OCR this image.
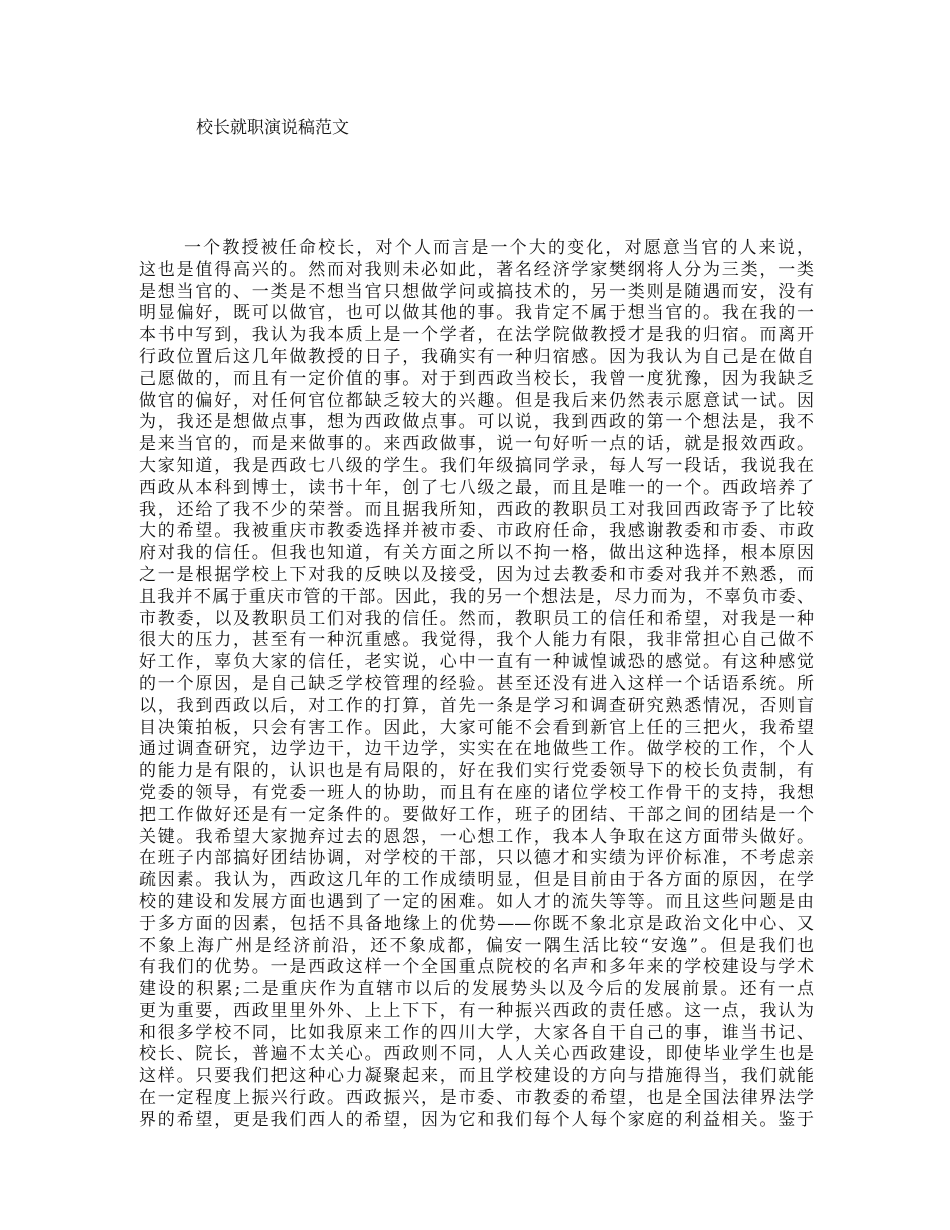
校长就职演说稿范文
一个教授被任命校长，对个人而言是一个大的变化，对愿意当官的人来说，
这也是值得高兴的。然而对我则未必如此，著名经济学家樊纲将人分为三类，一类
是想当官的、一类是不想当官只想做学问或搞技术的，另一类则是随遇而安，没有
明显偏好，既可以做官，也可以做其他的事。我肯定不属于想当官的。我在我的一
本书中写到，我认为我本质上是一个学者，在法学院做教授才是我的归宿。而离开
行政位置后这几年做教授的日子，我确实有一种归宿感。因为我认为自己是在做自
己愿做的，而且有一定价值的事。对于到西政当校长，我曾一度犹豫，因为我缺乏
做官的偏好，对任何官位都缺乏较大的兴趣。但是我后来仍然表示愿意试一试。因
为，我还是想做点事，想为西政做点事。可以说，我到西政的第一个想法是，我不
是来当官的，而是来做事的。来西政做事，说一句好听一点的话，就是报效西政。
大家知道，我是西政七八级的学生。我们年级搞同学录，每人写一段话，我说我在
西政从本科到博士，读书十年，创了七八级之最，而且是唯一的一个。西政培养了
我，还给了我不少的荣誉。而且据我所知，西政的教职员工对我回西政寄予了比较
大的希望。我被重庆市教委选择并被市委、市政府任命，我感谢教委和市委、市政
府对我的信任。但我也知道，有关方面之所以不拘一格，做出这种选择，根本原因
之一是根据学校上下对我的反映以及接受，因为过去教委和市委对我并不熟悉，而
且我并不属于重庆市管的干部。因此，我的另一个想法是，尽力而为，不辜负市委、
市教委，以及教职员工们对我的信任。然而，教职员工的信任和希望，对我是一种
很大的压力，甚至有一种沉重感。我觉得，我个人能力有限，我非常担心自己做不
好工作，辜负大家的信任，老实说，心中一直有一种诚惶诚恐的感觉。有这种感觉
的一个原因，是自己缺乏学校管理的经验。甚至还没有进入这样一个话语系统。所
以，我到西政以后，对工作的打算，首先一条是学习和调查研究熟悉情况，否则盲
目决策拍板，只会有害工作。因此，大家可能不会看到新官上任的三把火，我希望
通过调查研究，边学边干，边干边学，实实在在地做些工作。做学校的工作，个人
的能力是有限的，认识也是有局限的，好在我们实行党委领导下的校长负责制，有
党委的领导，有党委一班人的协助，而且有在座的诸位学校工作骨干的支持，我想
把工作做好还是有一定条件的。要做好工作，班子的团结、干部之间的团结是一个
关键。我希望大家抛弃过去的恩怨，一心想工作，我本人争取在这方面带头做好。
在班子内部搞好团结协调，对学校的干部，只以德才和实绩为评价标准，不考虑亲
疏因素。我认为，西政这几年的工作成绩明显，但是目前由于各方面的原因，在学
校的建设和发展方面也遇到了一定的困难。如人才的流失等等。而且这些问题是由
于多方面的因素，包括不具备地缘上的优势——你既不象北京是政治文化中心、又
不象上海广州是经济前沿，还不象成都，偏安一隅生活比较“安逸”。但是我们也
有我们的优势。一是西政这样一个全国重点院校的名声和多年来的学校建设与学术
建设的积累;二是重庆作为直辖市以后的发展势头以及今后的发展前景。还有一点
更为重要，西政里里外外、上上下下，有一种振兴西政的责任感。这一点，我认为
和很多学校不同，比如我原来工作的四川大学，大家各自干自己的事，谁当书记、
校长、院长，普遍不太关心。西政则不同，人人关心西政建设，即使毕业学生也是
这样。只要我们把这种心力凝聚起来，而且学校建设的方向与措施得当，我们就能
在一定程度上振兴行政。西政振兴，是市委、市教委的希望，也是全国法律界法学
界的希望，更是我们西人的希望，因为它和我们每个人每个家庭的利益相关。鉴于
